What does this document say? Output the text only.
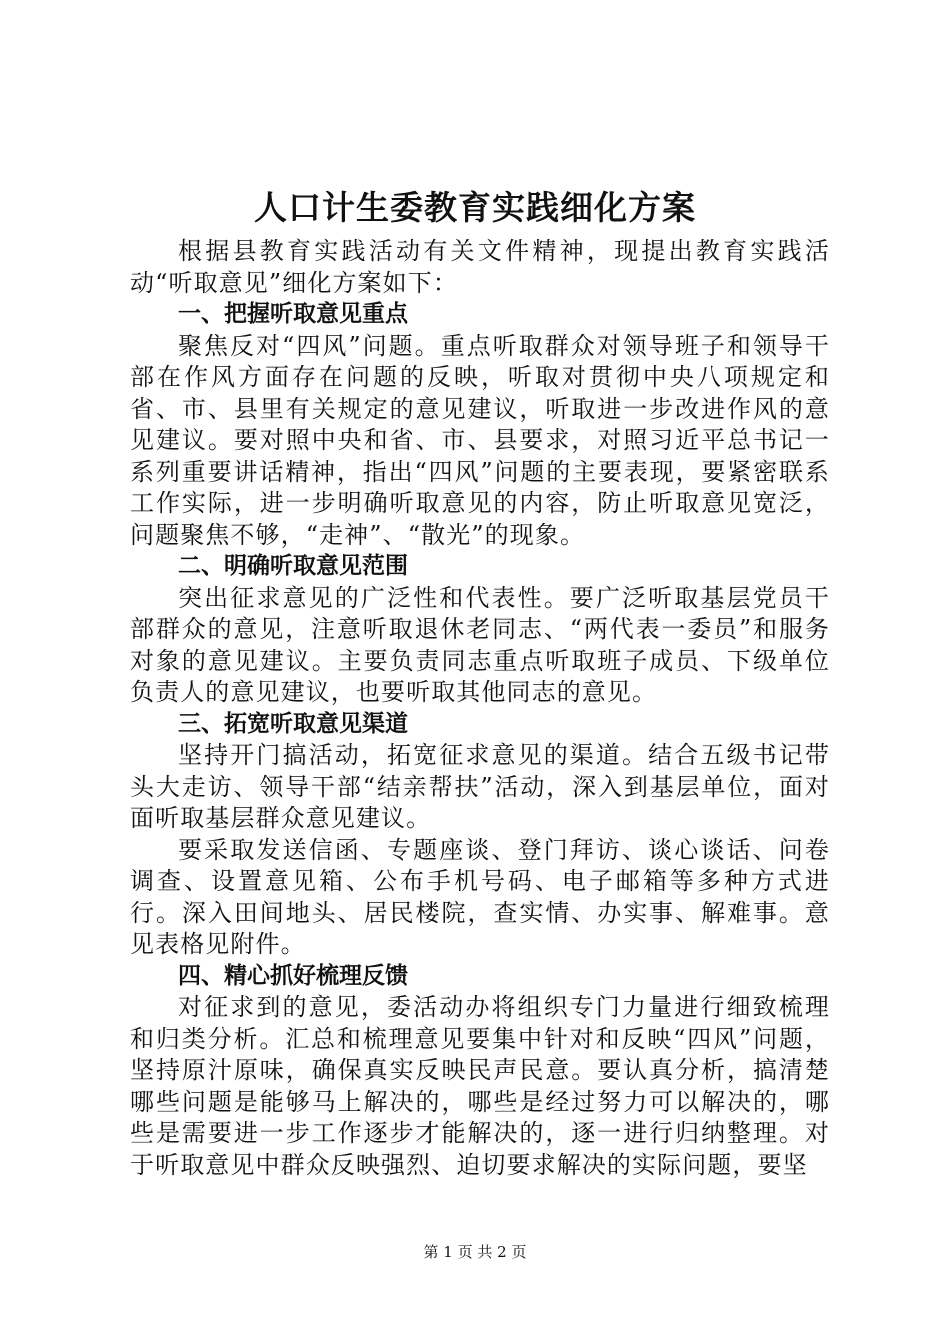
人口计生委教育实践细化方案

根据县教育实践活动有关文件精神，现提出教育实践活动“听取意见”细化方案如下：

一、把握听取意见重点

聚焦反对“四风”问题。重点听取群众对领导班子和领导干部在作风方面存在问题的反映，听取对贯彻中央八项规定和省、市、县里有关规定的意见建议，听取进一步改进作风的意见建议。要对照中央和省、市、县要求，对照习近平总书记一系列重要讲话精神，指出“四风”问题的主要表现，要紧密联系工作实际，进一步明确听取意见的内容，防止听取意见宽泛，问题聚焦不够，“走神”、“散光”的现象。

二、明确听取意见范围

突出征求意见的广泛性和代表性。要广泛听取基层党员干部群众的意见，注意听取退休老同志、“两代表一委员”和服务对象的意见建议。主要负责同志重点听取班子成员、下级单位负责人的意见建议，也要听取其他同志的意见。

三、拓宽听取意见渠道

坚持开门搞活动，拓宽征求意见的渠道。结合五级书记带头大走访、领导干部“结亲帮扶”活动，深入到基层单位，面对面听取基层群众意见建议。

要采取发送信函、专题座谈、登门拜访、谈心谈话、问卷调查、设置意见箱、公布手机号码、电子邮箱等多种方式进行。深入田间地头、居民楼院，查实情、办实事、解难事。意见表格见附件。

四、精心抓好梳理反馈

对征求到的意见，委活动办将组织专门力量进行细致梳理和归类分析。汇总和梳理意见要集中针对和反映“四风”问题，坚持原汁原味，确保真实反映民声民意。要认真分析，搞清楚哪些问题是能够马上解决的，哪些是经过努力可以解决的，哪些是需要进一步工作逐步才能解决的，逐一进行归纳整理。对于听取意见中群众反映强烈、迫切要求解决的实际问题，要坚

第 1 页 共 2 页
